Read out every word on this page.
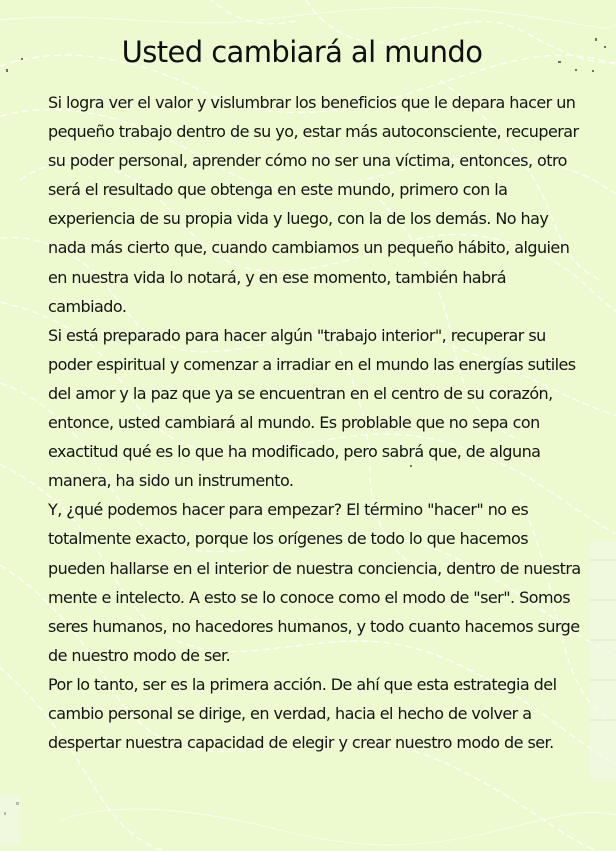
Usted cambiará al mundo

Si logra ver el valor y vislumbrar los beneficios que le depara hacer un pequeño trabajo dentro de su yo, estar más autoconsciente, recuperar su poder personal, aprender cómo no ser una víctima, entonces, otro será el resultado que obtenga en este mundo, primero con la experiencia de su propia vida y luego, con la de los demás. No hay nada más cierto que, cuando cambiamos un pequeño hábito, alguien en nuestra vida lo notará, y en ese momento, también habrá cambiado.

Si está preparado para hacer algún "trabajo interior", recuperar su poder espiritual y comenzar a irradiar en el mundo las energías sutiles del amor y la paz que ya se encuentran en el centro de su corazón, entonce, usted cambiará al mundo. Es problable que no sepa con exactitud qué es lo que ha modificado, pero sabrá que, de alguna manera, ha sido un instrumento.

Y, ¿qué podemos hacer para empezar? El término "hacer" no es totalmente exacto, porque los orígenes de todo lo que hacemos pueden hallarse en el interior de nuestra conciencia, dentro de nuestra mente e intelecto. A esto se lo conoce como el modo de "ser". Somos seres humanos, no hacedores humanos, y todo cuanto hacemos surge de nuestro modo de ser.

Por lo tanto, ser es la primera acción. De ahí que esta estrategia del cambio personal se dirige, en verdad, hacia el hecho de volver a despertar nuestra capacidad de elegir y crear nuestro modo de ser.
